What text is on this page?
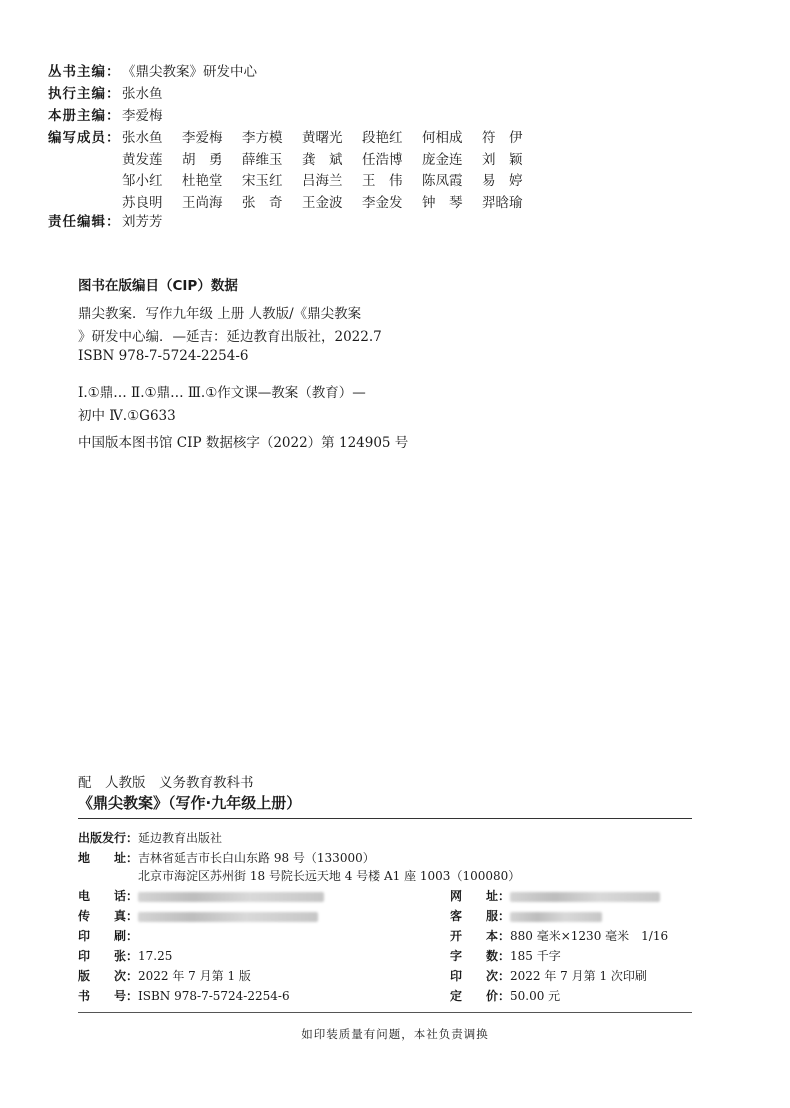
丛书主编： 《鼎尖教案》研发中心
执行主编： 张水鱼
本册主编： 李爱梅
编写成员： 张水鱼 李爱梅 李方模 黄曙光 段艳红 何相成 符　伊
黄发莲 胡　勇 薛维玉 龚　斌 任浩博 庞金连 刘　颖
邹小红 杜艳堂 宋玉红 吕海兰 王　伟 陈凤霞 易　婷
苏良明 王尚海 张　奇 王金波 李金发 钟　琴 羿晗瑜
责任编辑： 刘芳芳
图书在版编目（CIP）数据
鼎尖教案．写作九年级 上册 人教版/《鼎尖教案
》研发中心编．—延吉：延边教育出版社，2022.7
ISBN 978-7-5724-2254-6
Ⅰ.①鼎… Ⅱ.①鼎… Ⅲ.①作文课—教案（教育）—
初中 Ⅳ.①G633
中国版本图书馆 CIP 数据核字（2022）第 124905 号
配　人教版　义务教育教科书
《鼎尖教案》（写作·九年级上册）
出版发行：延边教育出版社
地　　址：吉林省延吉市长白山东路 98 号（133000）
北京市海淀区苏州街 18 号院长远天地 4 号楼 A1 座 1003（100080）
电　　话：
传　　真：
印　　刷：
印　　张：17.25
版　　次：2022 年 7 月第 1 版
书　　号：ISBN 978-7-5724-2254-6
网　　址：
客　　服：
开　　本：880 毫米×1230 毫米　1/16
字　　数：185 千字
印　　次：2022 年 7 月第 1 次印刷
定　　价：50.00 元
如印装质量有问题，本社负责调换
